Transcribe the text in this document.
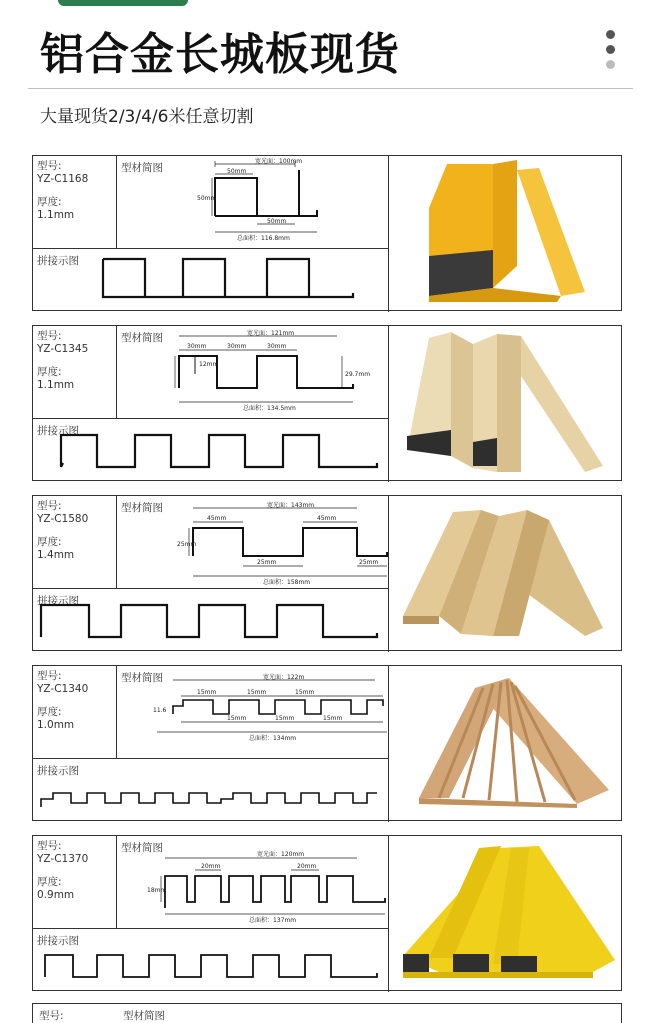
铝合金长城板现货

大量现货2/3/4/6米任意切割

型号:
YZ-C1168
厚度:
1.1mm
型材简图
宽光面：100mm
50mm
50mm
50mm
总面积：116.8mm
拼接示图
型号:
YZ-C1345
厚度:
1.1mm
型材简图	宽光面：121mm
30mm	30mm	30mm
12mm
29.7mm
总面积：134.5mm
拼接示图
型号:
YZ-C1580
厚度:
1.4mm
型材简图	宽光面：143mm
45mm	45mm
25mm	25mm
25mm
总面积：158mm
拼接示图
型号:
YZ-C1340
厚度:
1.0mm
型材简图	宽光面：122m
15mm	15mm	15mm
15mm	15mm	15mm
11.6
总面积：134mm
拼接示图
型号:
YZ-C1370
厚度:
0.9mm
型材简图
宽光面：120mm
20mm	20mm
18mm
总面积：137mm
拼接示图
型号:	型材简图
